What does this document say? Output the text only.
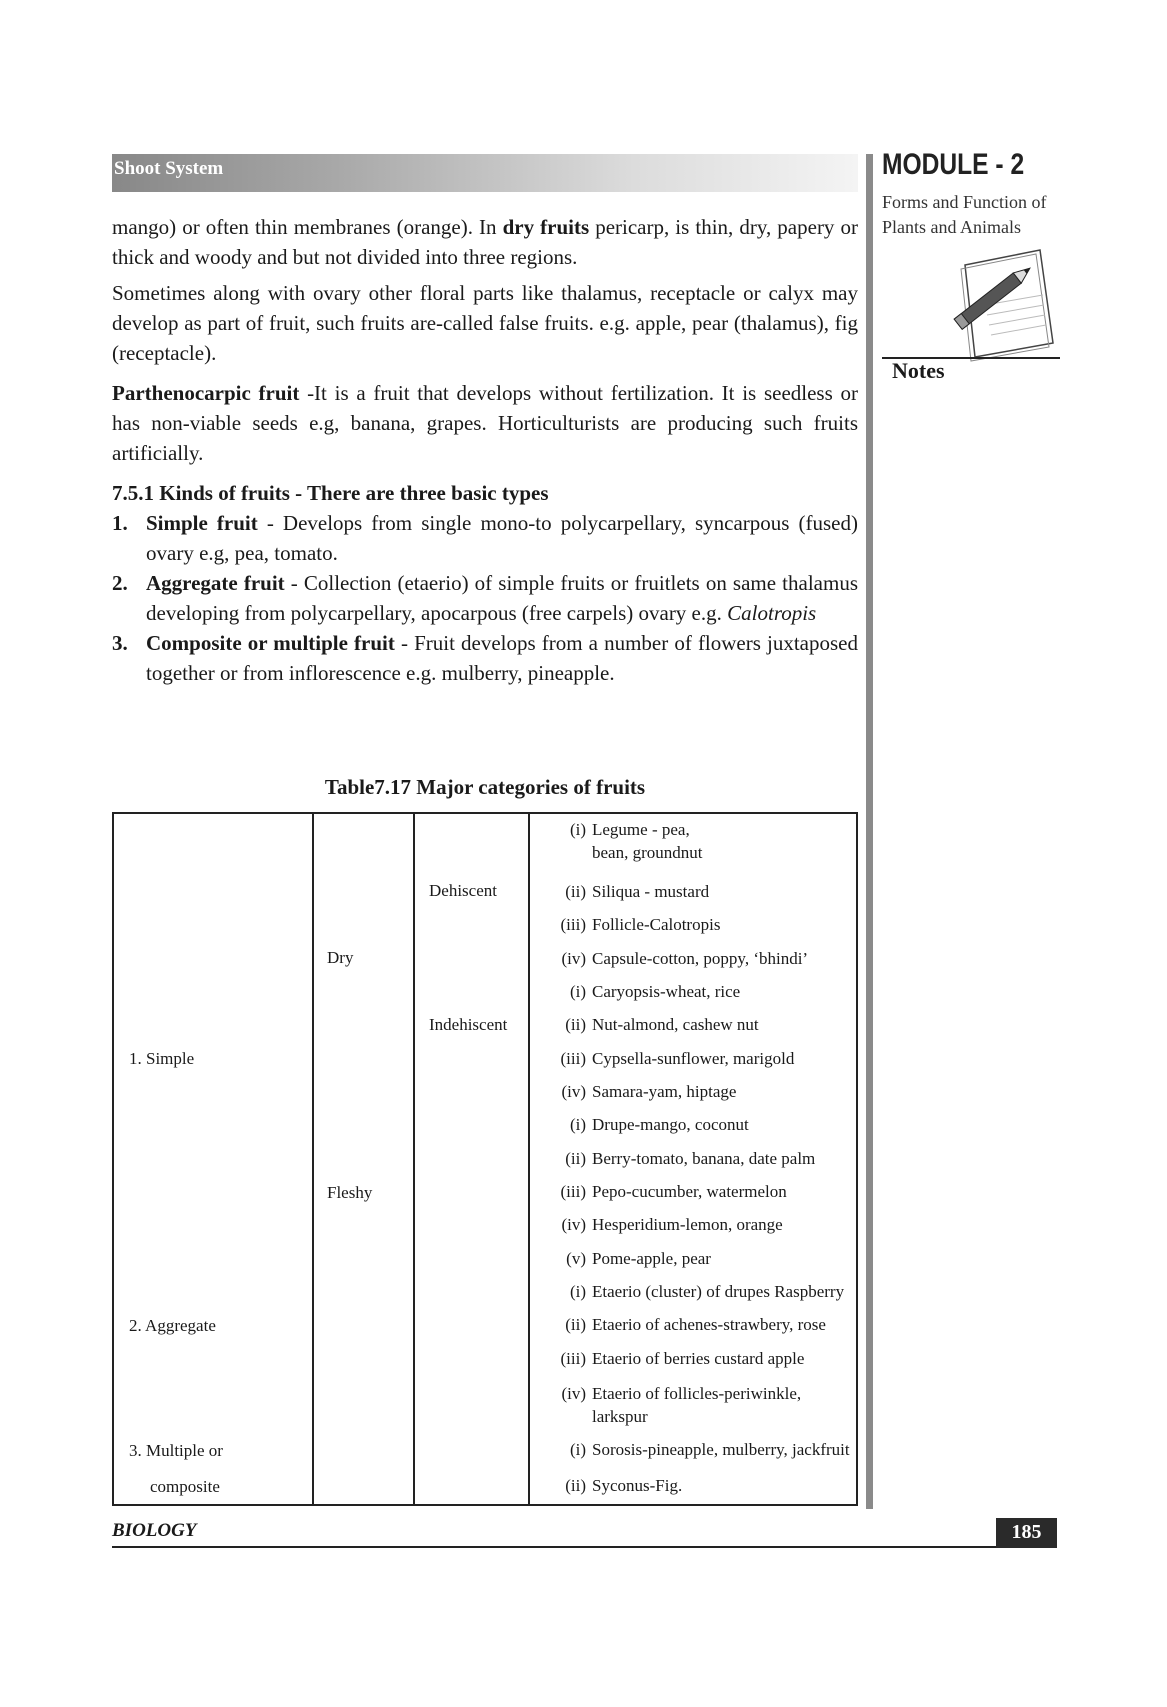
Shoot System	MODULE - 2
Forms and Function of Plants and Animals
Notes

mango) or often thin membranes (orange). In dry fruits pericarp, is thin, dry, papery or thick and woody and but not divided into three regions.

Sometimes along with ovary other floral parts like thalamus, receptacle or calyx may develop as part of fruit, such fruits are-called false fruits. e.g. apple, pear (thalamus), fig (receptacle).

Parthenocarpic fruit -It is a fruit that develops without fertilization. It is seedless or has non-viable seeds e.g, banana, grapes. Horticulturists are producing such fruits artificially.

7.5.1 Kinds of fruits - There are three basic types

1. Simple fruit - Develops from single mono-to polycarpellary, syncarpous (fused) ovary e.g, pea, tomato.

2. Aggregate fruit - Collection (etaerio) of simple fruits or fruitlets on same thalamus developing from polycarpellary, apocarpous (free carpels) ovary e.g. Calotropis

3. Composite or multiple fruit - Fruit develops from a number of flowers juxtaposed together or from inflorescence e.g. mulberry, pineapple.

Table7.17 Major categories of fruits
1. Simple
2. Aggregate
3. Multiple or
composite
Dry
Fleshy
Dehiscent
Indehiscent
(i) Legume - pea,
bean, groundnut
(ii) Siliqua - mustard
(iii) Follicle-Calotropis
(iv) Capsule-cotton, poppy, ‘bhindi’
(i) Caryopsis-wheat, rice
(ii) Nut-almond, cashew nut
(iii) Cypsella-sunflower, marigold
(iv) Samara-yam, hiptage
(i) Drupe-mango, coconut
(ii) Berry-tomato, banana, date palm
(iii) Pepo-cucumber, watermelon
(iv) Hesperidium-lemon, orange
(v) Pome-apple, pear
(i) Etaerio (cluster) of drupes Raspberry
(ii) Etaerio of achenes-strawbery, rose
(iii) Etaerio of berries custard apple
(iv) Etaerio of follicles-periwinkle,
larkspur
(i) Sorosis-pineapple, mulberry, jackfruit
(ii) Syconus-Fig.
BIOLOGY	185
